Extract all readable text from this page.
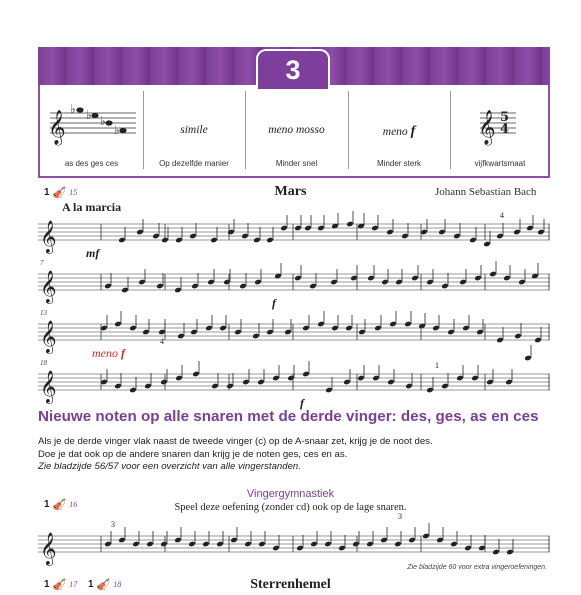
3
𝄞
♭ ♭ ♭
♭
as des ges ces
simile
Op dezelfde manier
meno mosso
Minder snel
meno f
Minder sterk
𝄞 5
4
vijfkwartsmaat
1 🎻 15	Mars	Johann Sebastian Bach
A la marcia
𝄞
𝄞
𝄞
𝄞
mf
f
meno f
f
7
13
18
4
4
1
Nieuwe noten op alle snaren met de derde vinger: des, ges, as en ces
Als je de derde vinger vlak naast de tweede vinger (c) op de A-snaar zet, krijg je de noot des.
Doe je dat ook op de andere snaren dan krijg je de noten ges, ces en as.
Zie bladzijde 56/57 voor een overzicht van alle vingerstanden.
Vingergymnastiek
1 🎻 16	Speel deze oefening (zonder cd) ook op de lage snaren.
𝄞
3
3
Zie bladzijde 60 voor extra vingeroefeningen.
1 🎻 17 1 🎻 18	Sterrenhemel
